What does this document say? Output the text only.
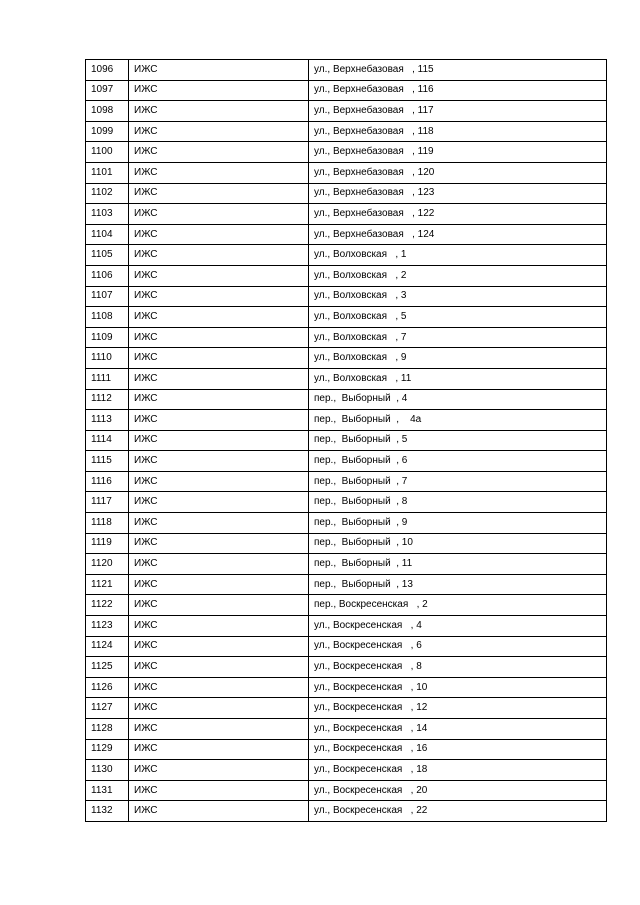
1096	ИЖС	ул., Верхнебазовая   , 115
1097	ИЖС	ул., Верхнебазовая   , 116
1098	ИЖС	ул., Верхнебазовая   , 117
1099	ИЖС	ул., Верхнебазовая   , 118
1100	ИЖС	ул., Верхнебазовая   , 119
1101	ИЖС	ул., Верхнебазовая   , 120
1102	ИЖС	ул., Верхнебазовая   , 123
1103	ИЖС	ул., Верхнебазовая   , 122
1104	ИЖС	ул., Верхнебазовая   , 124
1105	ИЖС	ул., Волховская   , 1
1106	ИЖС	ул., Волховская   , 2
1107	ИЖС	ул., Волховская   , 3
1108	ИЖС	ул., Волховская   , 5
1109	ИЖС	ул., Волховская   , 7
1110	ИЖС	ул., Волховская   , 9
1111	ИЖС	ул., Волховская   , 11
1112	ИЖС	пер.,  Выборный  , 4
1113	ИЖС	пер.,  Выборный  ,    4а
1114	ИЖС	пер.,  Выборный  , 5
1115	ИЖС	пер.,  Выборный  , 6
1116	ИЖС	пер.,  Выборный  , 7
1117	ИЖС	пер.,  Выборный  , 8
1118	ИЖС	пер.,  Выборный  , 9
1119	ИЖС	пер.,  Выборный  , 10
1120	ИЖС	пер.,  Выборный  , 11
1121	ИЖС	пер.,  Выборный  , 13
1122	ИЖС	пер., Воскресенская   , 2
1123	ИЖС	ул., Воскресенская   , 4
1124	ИЖС	ул., Воскресенская   , 6
1125	ИЖС	ул., Воскресенская   , 8
1126	ИЖС	ул., Воскресенская   , 10
1127	ИЖС	ул., Воскресенская   , 12
1128	ИЖС	ул., Воскресенская   , 14
1129	ИЖС	ул., Воскресенская   , 16
1130	ИЖС	ул., Воскресенская   , 18
1131	ИЖС	ул., Воскресенская   , 20
1132	ИЖС	ул., Воскресенская   , 22
